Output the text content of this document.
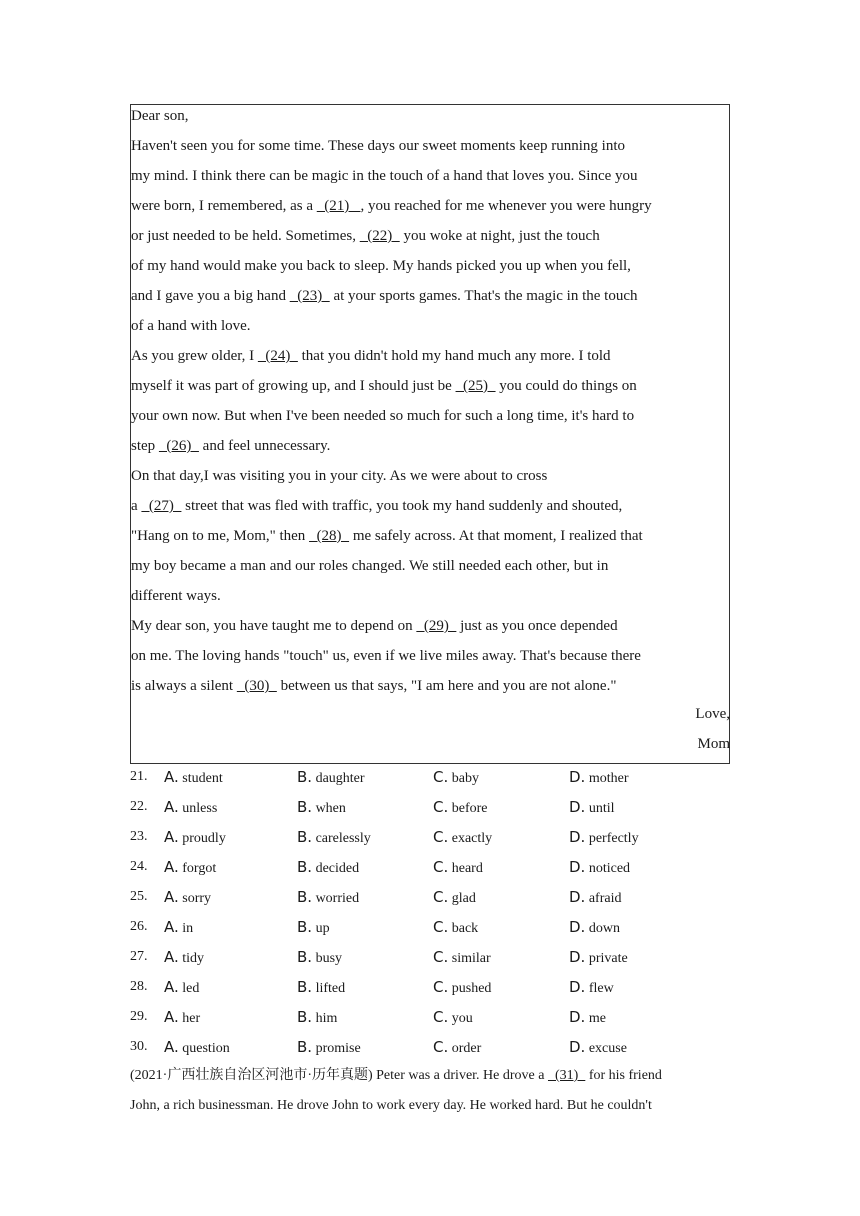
Dear son,
Haven't seen you for some time. These days our sweet moments keep running into
my mind. I think there can be magic in the touch of a hand that loves you. Since you
were born, I remembered, as a   (21)   , you reached for me whenever you were hungry
or just needed to be held. Sometimes,   (22)   you woke at night, just the touch
of my hand would make you back to sleep. My hands picked you up when you fell,
and I gave you a big hand   (23)   at your sports games. That's the magic in the touch
of a hand with love.
As you grew older, I   (24)   that you didn't hold my hand much any more. I told
myself it was part of growing up, and I should just be   (25)   you could do things on
your own now. But when I've been needed so much for such a long time, it's hard to
step   (26)   and feel unnecessary.
On that day,I was visiting you in your city. As we were about to cross
a   (27)   street that was fled with traffic, you took my hand suddenly and shouted,
"Hang on to me, Mom," then   (28)   me safely across. At that moment, I realized that
my boy became a man and our roles changed. We still needed each other, but in
different ways.
My dear son, you have taught me to depend on   (29)   just as you once depended
on me. The loving hands "touch" us, even if we live miles away. That's because there
is always a silent   (30)   between us that says, "I am here and you are not alone."
Love,
Mom
21.	A. student	B. daughter	C. baby	D. mother
22.	A. unless	B. when	C. before	D. until
23.	A. proudly	B. carelessly	C. exactly	D. perfectly
24.	A. forgot	B. decided	C. heard	D. noticed
25.	A. sorry	B. worried	C. glad	D. afraid
26.	A. in	B. up	C. back	D. down
27.	A. tidy	B. busy	C. similar	D. private
28.	A. led	B. lifted	C. pushed	D. flew
29.	A. her	B. him	C. you	D. me
30.	A. question	B. promise	C. order	D. excuse
(2021·广西壮族自治区河池市·历年真题) Peter was a driver. He drove a   (31)   for his friend
John, a rich businessman. He drove John to work every day. He worked hard. But he couldn't
